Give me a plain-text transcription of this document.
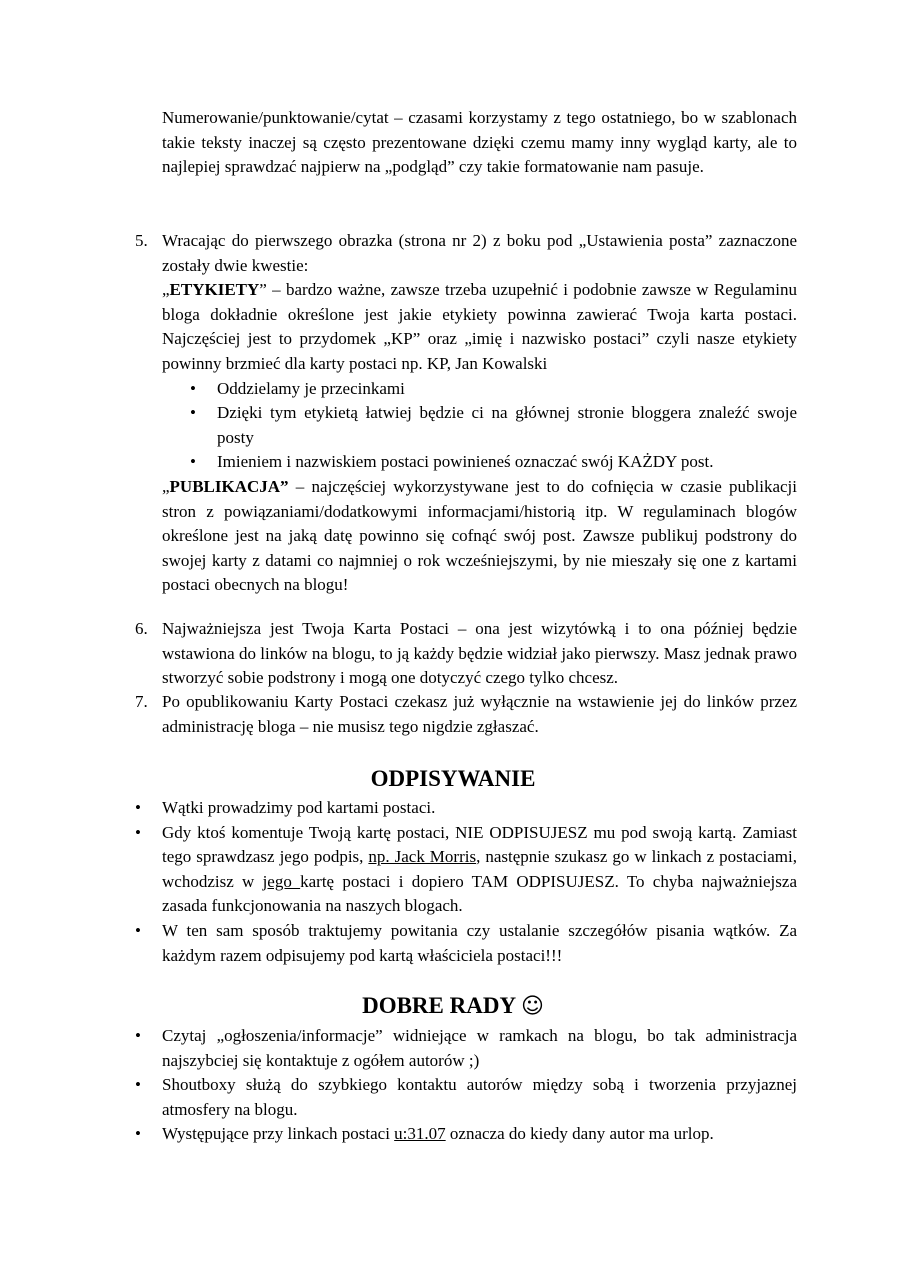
Numerowanie/punktowanie/cytat – czasami korzystamy z tego ostatniego, bo w szablonach takie teksty inaczej są często prezentowane dzięki czemu mamy inny wygląd karty, ale to najlepiej sprawdzać najpierw na „podgląd” czy takie formatowanie nam pasuje.

5. Wracając do pierwszego obrazka (strona nr 2) z boku pod „Ustawienia posta” zaznaczone zostały dwie kwestie:

„ETYKIETY” – bardzo ważne, zawsze trzeba uzupełnić i podobnie zawsze w Regulaminu bloga dokładnie określone jest jakie etykiety powinna zawierać Twoja karta postaci. Najczęściej jest to przydomek „KP” oraz „imię i nazwisko postaci” czyli nasze etykiety powinny brzmieć dla karty postaci np. KP, Jan Kowalski

• Oddzielamy je przecinkami
• Dzięki tym etykietą łatwiej będzie ci na głównej stronie bloggera znaleźć swoje posty
• Imieniem i nazwiskiem postaci powinieneś oznaczać swój KAŻDY post.

„PUBLIKACJA” – najczęściej wykorzystywane jest to do cofnięcia w czasie publikacji stron z powiązaniami/dodatkowymi informacjami/historią itp. W regulaminach blogów określone jest na jaką datę powinno się cofnąć swój post. Zawsze publikuj podstrony do swojej karty z datami co najmniej o rok wcześniejszymi, by nie mieszały się one z kartami postaci obecnych na blogu!

6. Najważniejsza jest Twoja Karta Postaci – ona jest wizytówką i to ona później będzie wstawiona do linków na blogu, to ją każdy będzie widział jako pierwszy. Masz jednak prawo stworzyć sobie podstrony i mogą one dotyczyć czego tylko chcesz.

7. Po opublikowaniu Karty Postaci czekasz już wyłącznie na wstawienie jej do linków przez administrację bloga – nie musisz tego nigdzie zgłaszać.

ODPISYWANIE
• Wątki prowadzimy pod kartami postaci.
• Gdy ktoś komentuje Twoją kartę postaci, NIE ODPISUJESZ mu pod swoją kartą. Zamiast tego sprawdzasz jego podpis, np. Jack Morris, następnie szukasz go w linkach z postaciami, wchodzisz w jego kartę postaci i dopiero TAM ODPISUJESZ. To chyba najważniejsza zasada funkcjonowania na naszych blogach.
• W ten sam sposób traktujemy powitania czy ustalanie szczegółów pisania wątków. Za każdym razem odpisujemy pod kartą właściciela postaci!!!
DOBRE RADY ☺
• Czytaj „ogłoszenia/informacje” widniejące w ramkach na blogu, bo tak administracja najszybciej się kontaktuje z ogółem autorów ;)
• Shoutboxy służą do szybkiego kontaktu autorów między sobą i tworzenia przyjaznej atmosfery na blogu.
• Występujące przy linkach postaci u:31.07 oznacza do kiedy dany autor ma urlop.
